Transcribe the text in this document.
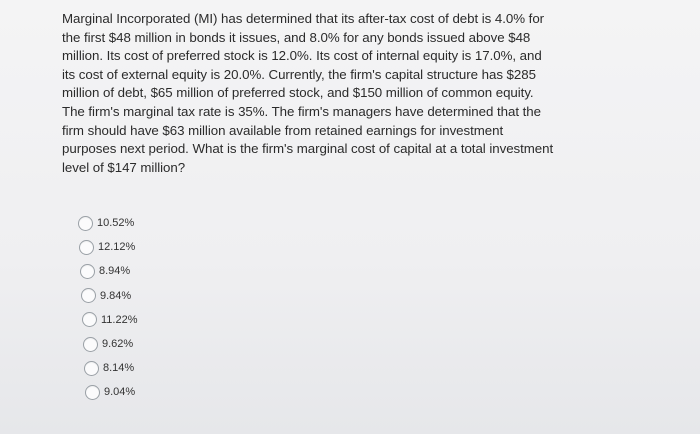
Marginal Incorporated (MI) has determined that its after-tax cost of debt is 4.0% for

the first $48 million in bonds it issues, and 8.0% for any bonds issued above $48

million. Its cost of preferred stock is 12.0%. Its cost of internal equity is 17.0%, and

its cost of external equity is 20.0%. Currently, the firm's capital structure has $285

million of debt, $65 million of preferred stock, and $150 million of common equity.

The firm's marginal tax rate is 35%. The firm's managers have determined that the

firm should have $63 million available from retained earnings for investment

purposes next period. What is the firm's marginal cost of capital at a total investment

level of $147 million?

10.52%
12.12%
8.94%
9.84%
11.22%
9.62%
8.14%
9.04%
